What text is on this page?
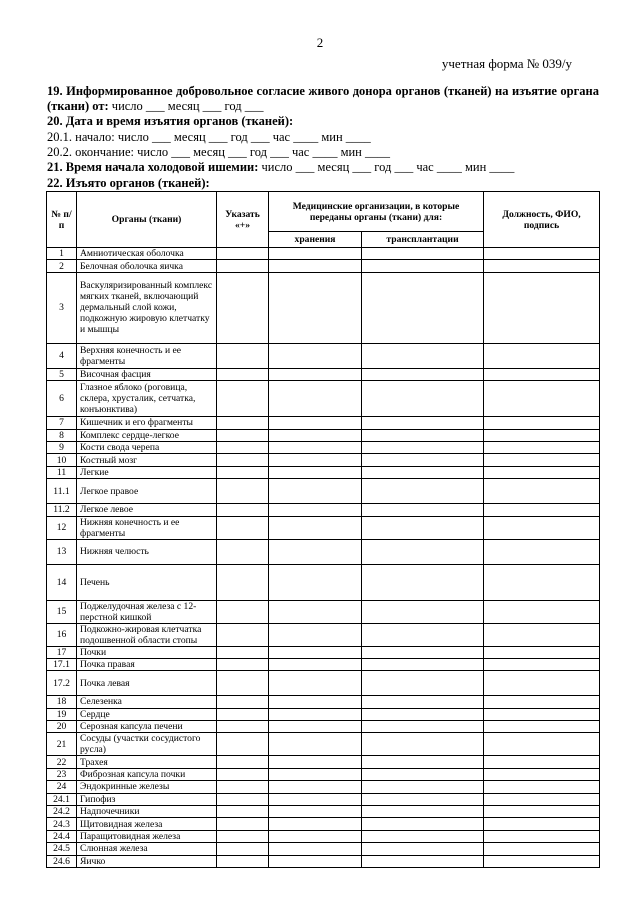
2
учетная форма № 039/у
19. Информированное добровольное согласие живого донора органов (тканей) на изъятие органа (ткани) от: число ___ месяц ___ год ___
20. Дата и время изъятия органов (тканей):
20.1. начало: число ___ месяц ___ год ___ час ____ мин ____
20.2. окончание: число ___ месяц ___ год ___ час ____ мин ____
21. Время начала холодовой ишемии: число ___ месяц ___ год ___ час ____ мин ____
22. Изъято органов (тканей):
№ п/п	Органы (ткани)	Указать «+»	Медицинские организации, в которые переданы органы (ткани) для:		Должность, ФИО, подпись
			хранения	трансплантации	
1	Амниотическая оболочка				
2	Белочная оболочка яичка				
3	Васкуляризированный комплекс мягких тканей, включающий дермальный слой кожи, подкожную жировую клетчатку и мышцы				
4	Верхняя конечность и ее фрагменты				
5	Височная фасция				
6	Глазное яблоко (роговица, склера, хрусталик, сетчатка, конъюнктива)				
7	Кишечник и его фрагменты				
8	Комплекс сердце-легкое				
9	Кости свода черепа				
10	Костный мозг				
11	Легкие				
11.1	Легкое правое				
11.2	Легкое левое				
12	Нижняя конечность и ее фрагменты				
13	Нижняя челюсть				
14	Печень				
15	Поджелудочная железа с 12-перстной кишкой				
16	Подкожно-жировая клетчатка подошвенной области стопы				
17	Почки				
17.1	Почка правая				
17.2	Почка левая				
18	Селезенка				
19	Сердце				
20	Серозная капсула печени				
21	Сосуды (участки сосудистого русла)				
22	Трахея				
23	Фиброзная капсула почки				
24	Эндокринные железы				
24.1	Гипофиз				
24.2	Надпочечники				
24.3	Щитовидная железа				
24.4	Паращитовидная железа				
24.5	Слюнная железа				
24.6	Яичко				
